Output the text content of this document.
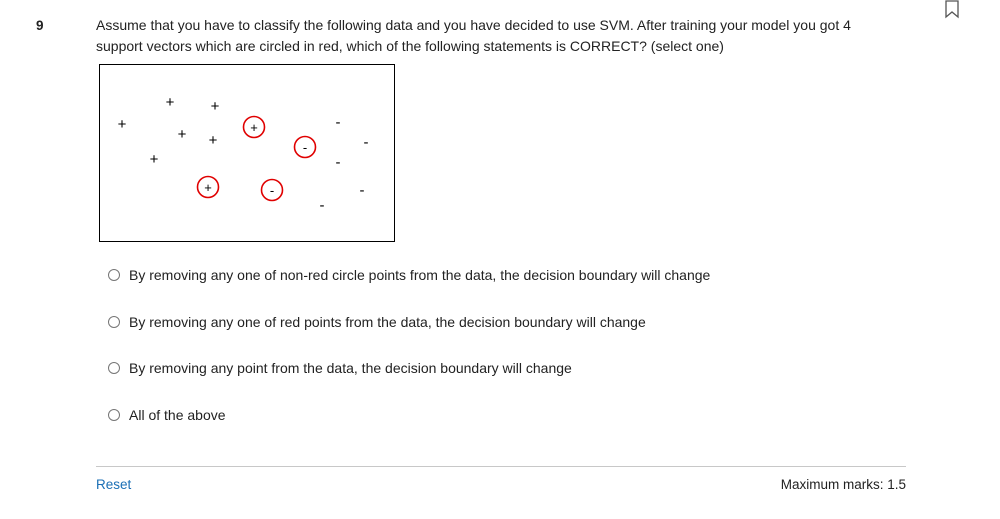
9	Assume that you have to classify the following data and you have decided to use SVM. After training your model you got 4 support vectors which are circled in red, which of the following statements is CORRECT? (select one)
+
+ +
+ +
+
-
-
-
-
-
+
-
+	-
By removing any one of non-red circle points from the data, the decision boundary will change
By removing any one of red points from the data, the decision boundary will change
By removing any point from the data, the decision boundary will change
All of the above
Reset	Maximum marks: 1.5
